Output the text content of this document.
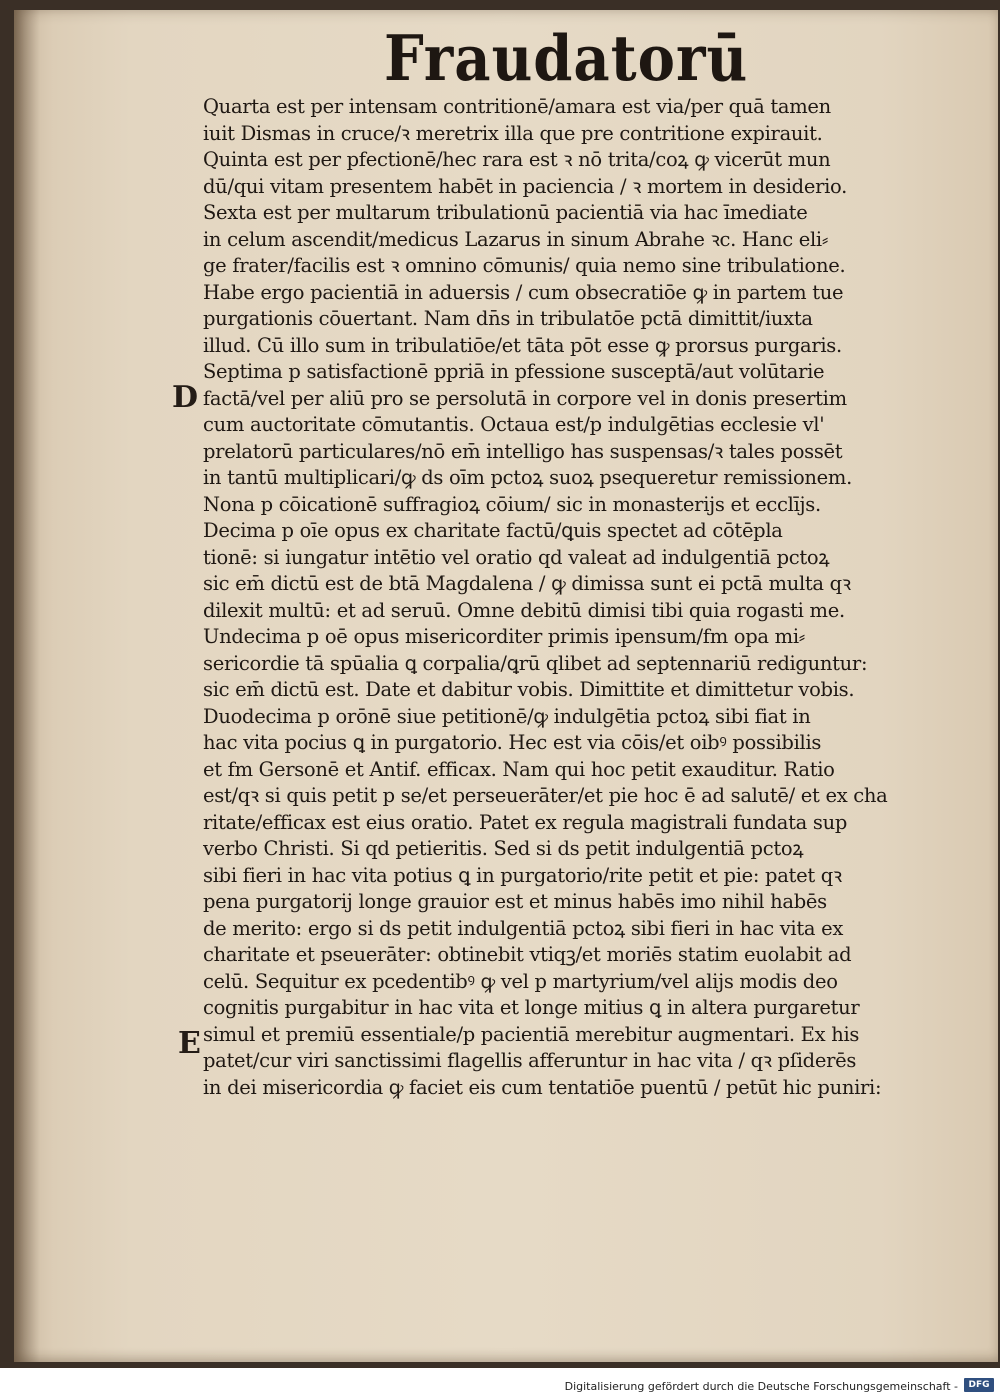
Fraudatorū
D
E
Quarta est per intensam contritionē/amara est via/per quā tamen
iuit Dismas in cruce/ꝛ meretrix illa que pre contritione expirauit.
Quinta est per pfectionē/hec rara est ꝛ nō trita/coꝝ ꝙ vicerūt mun
dū/qui vitam presentem habēt in paciencia / ꝛ mortem in desiderio.
Sexta est per multarum tribulationū pacientiā via hac īmediate
in celum ascendit/medicus Lazarus in sinum Abrahe ꝛc. Hanc eli⸗
ge frater/facilis est ꝛ omnino cōmunis/ quia nemo sine tribulatione.
Habe ergo pacientiā in aduersis / cum obsecratiōe ꝙ in partem tue
purgationis cōuertant. Nam dn̄s in tribulatōe pctā dimittit/iuxta
illud. Cū illo sum in tribulatiōe/et tāta pōt esse ꝙ prorsus purgaris.
Septima p satisfactionē ppriā in pfessione susceptā/aut volūtarie
factā/vel per aliū pro se persolutā in corpore vel in donis presertim
cum auctoritate cōmutantis. Octaua est/p indulgētias ecclesie vl'
prelatorū particulares/nō em̄ intelligo has suspensas/ꝛ tales possēt
in tantū multiplicari/ꝙ ds oīm pctoꝝ suoꝝ psequeretur remissionem.
Nona p cōicationē suffragioꝝ cōium/ sic in monasterijs et ecclījs.
Decima p oīe opus ex charitate factū/ꝗuis spectet ad cōtēpla
tionē: si iungatur intētio vel oratio qd valeat ad indulgentiā pctoꝝ
sic em̄ dictū est de btā Magdalena / ꝙ dimissa sunt ei pctā multa qꝛ
dilexit multū: et ad seruū. Omne debitū dimisi tibi quia rogasti me.
Undecima p oē opus misericorditer primis ipensum/fm opa mi⸗
sericordie tā spūalia ꝗ corpalia/ꝗrū qlibet ad septennariū rediguntur:
sic em̄ dictū est. Date et dabitur vobis. Dimittite et dimittetur vobis.
Duodecima p orōnē siue petitionē/ꝙ indulgētia pctoꝝ sibi fiat in
hac vita pocius ꝗ in purgatorio. Hec est via cōis/et oibꝰ possibilis
et fm Gersonē et Antif. efficax. Nam qui hoc petit exauditur. Ratio
est/qꝛ si quis petit p se/et perseuerāter/et pie hoc ē ad salutē/ et ex cha
ritate/efficax est eius oratio. Patet ex regula magistrali fundata sup
verbo Christi. Si qd petieritis. Sed si ds petit indulgentiā pctoꝝ
sibi fieri in hac vita potius ꝗ in purgatorio/rite petit et pie: patet qꝛ
pena purgatorij longe grauior est et minus habēs imo nihil habēs
de merito: ergo si ds petit indulgentiā pctoꝝ sibi fieri in hac vita ex
charitate et pseuerāter: obtinebit vtiqꝫ/et moriēs statim euolabit ad
celū. Sequitur ex pcedentibꝰ ꝙ vel p martyrium/vel alijs modis deo
cognitis purgabitur in hac vita et longe mitius ꝗ in altera purgaretur
simul et premiū essentiale/p pacientiā merebitur augmentari. Ex his
patet/cur viri sanctissimi flagellis afferuntur in hac vita / qꝛ pſiderēs
in dei misericordia ꝙ faciet eis cum tentatiōe puentū / petūt hic puniri:
Digitalisierung gefördert durch die Deutsche Forschungsgemeinschaft -	DFG
